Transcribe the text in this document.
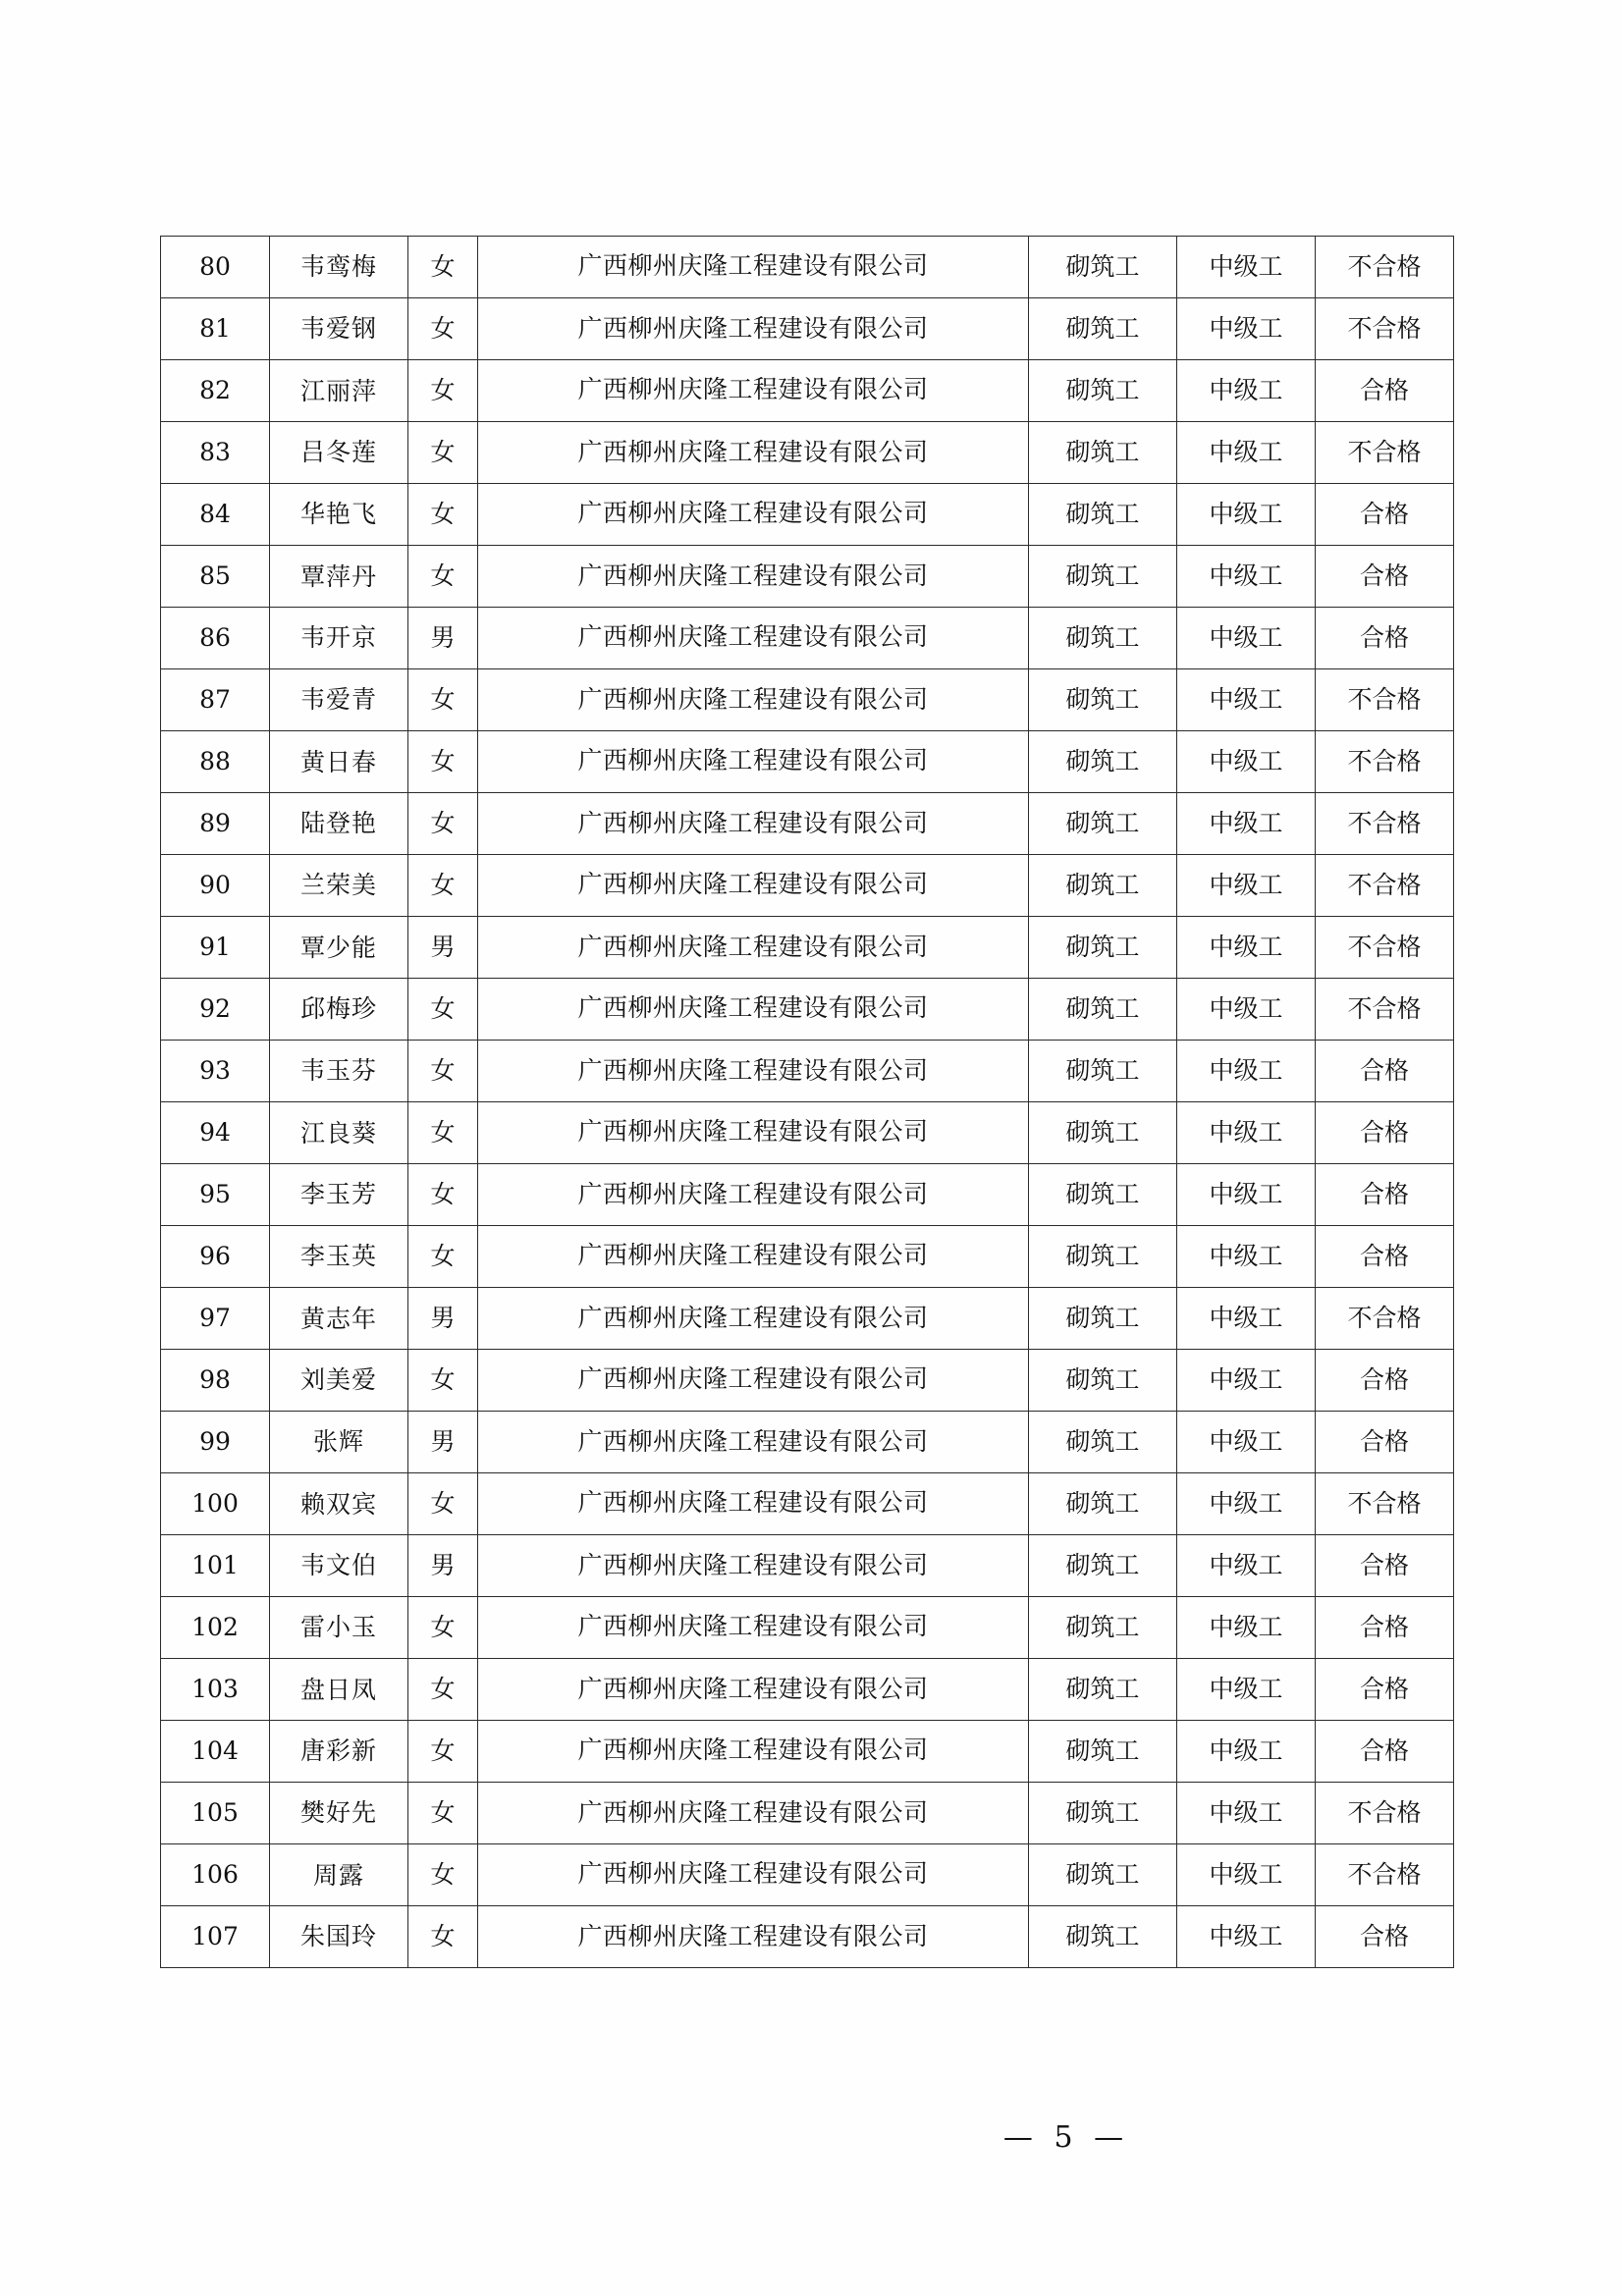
80	韦鸾梅	女	广西柳州庆隆工程建设有限公司	砌筑工	中级工	不合格
81	韦爱钢	女	广西柳州庆隆工程建设有限公司	砌筑工	中级工	不合格
82	江丽萍	女	广西柳州庆隆工程建设有限公司	砌筑工	中级工	合格
83	吕冬莲	女	广西柳州庆隆工程建设有限公司	砌筑工	中级工	不合格
84	华艳飞	女	广西柳州庆隆工程建设有限公司	砌筑工	中级工	合格
85	覃萍丹	女	广西柳州庆隆工程建设有限公司	砌筑工	中级工	合格
86	韦开京	男	广西柳州庆隆工程建设有限公司	砌筑工	中级工	合格
87	韦爱青	女	广西柳州庆隆工程建设有限公司	砌筑工	中级工	不合格
88	黄日春	女	广西柳州庆隆工程建设有限公司	砌筑工	中级工	不合格
89	陆登艳	女	广西柳州庆隆工程建设有限公司	砌筑工	中级工	不合格
90	兰荣美	女	广西柳州庆隆工程建设有限公司	砌筑工	中级工	不合格
91	覃少能	男	广西柳州庆隆工程建设有限公司	砌筑工	中级工	不合格
92	邱梅珍	女	广西柳州庆隆工程建设有限公司	砌筑工	中级工	不合格
93	韦玉芬	女	广西柳州庆隆工程建设有限公司	砌筑工	中级工	合格
94	江良葵	女	广西柳州庆隆工程建设有限公司	砌筑工	中级工	合格
95	李玉芳	女	广西柳州庆隆工程建设有限公司	砌筑工	中级工	合格
96	李玉英	女	广西柳州庆隆工程建设有限公司	砌筑工	中级工	合格
97	黄志年	男	广西柳州庆隆工程建设有限公司	砌筑工	中级工	不合格
98	刘美爱	女	广西柳州庆隆工程建设有限公司	砌筑工	中级工	合格
99	张辉	男	广西柳州庆隆工程建设有限公司	砌筑工	中级工	合格
100	赖双宾	女	广西柳州庆隆工程建设有限公司	砌筑工	中级工	不合格
101	韦文伯	男	广西柳州庆隆工程建设有限公司	砌筑工	中级工	合格
102	雷小玉	女	广西柳州庆隆工程建设有限公司	砌筑工	中级工	合格
103	盘日凤	女	广西柳州庆隆工程建设有限公司	砌筑工	中级工	合格
104	唐彩新	女	广西柳州庆隆工程建设有限公司	砌筑工	中级工	合格
105	樊好先	女	广西柳州庆隆工程建设有限公司	砌筑工	中级工	不合格
106	周露	女	广西柳州庆隆工程建设有限公司	砌筑工	中级工	不合格
107	朱国玲	女	广西柳州庆隆工程建设有限公司	砌筑工	中级工	合格
— 5 —
